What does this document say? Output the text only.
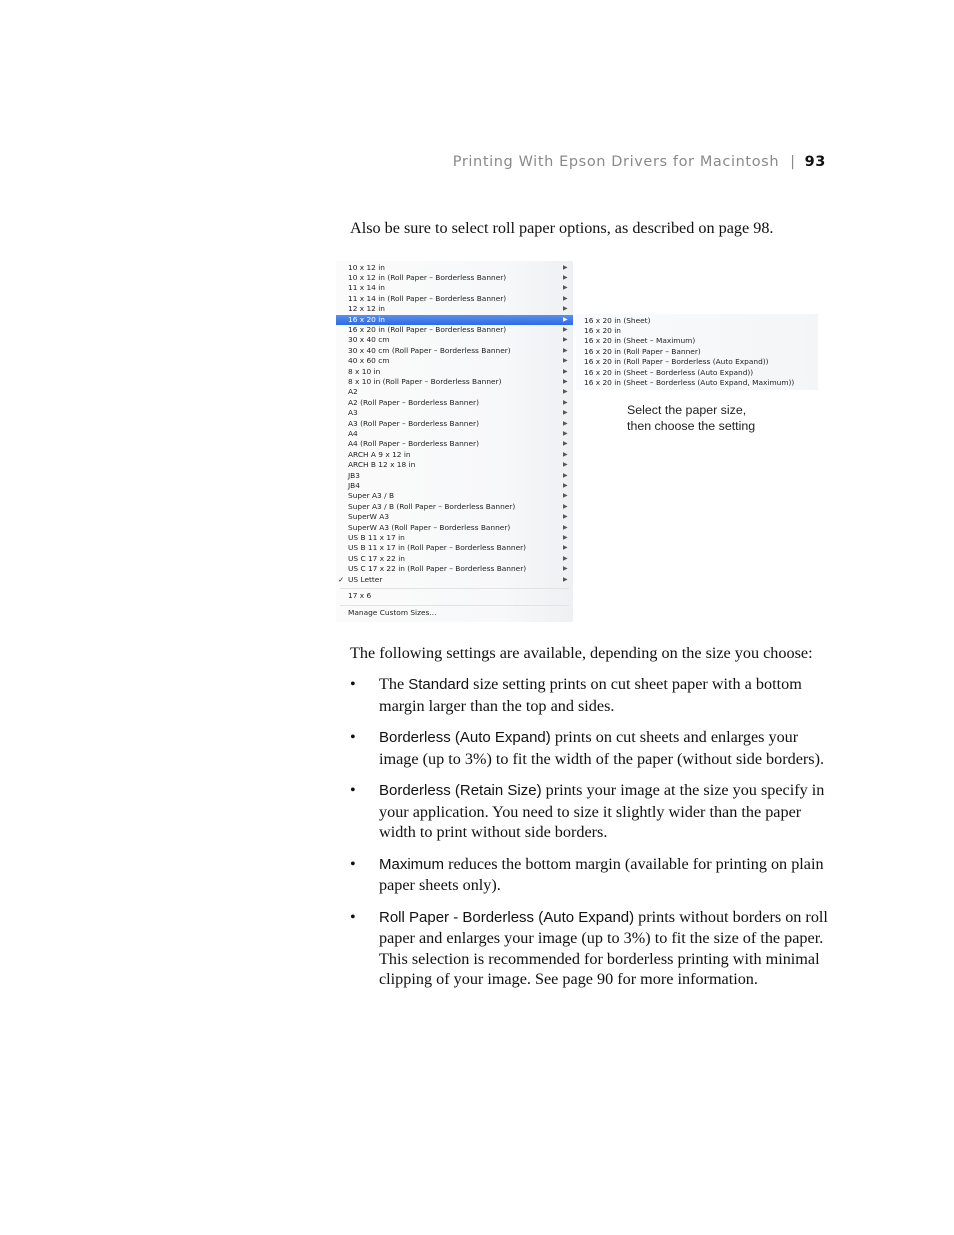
Printing With Epson Drivers for Macintosh | 93
Also be sure to select roll paper options, as described on page 98.
10 x 12 in	▶
10 x 12 in (Roll Paper – Borderless Banner)	▶
11 x 14 in	▶
11 x 14 in (Roll Paper – Borderless Banner)	▶
12 x 12 in	▶
16 x 20 in	▶
16 x 20 in (Roll Paper – Borderless Banner)	▶
30 x 40 cm	▶
30 x 40 cm (Roll Paper – Borderless Banner)	▶
40 x 60 cm	▶
8 x 10 in	▶
8 x 10 in (Roll Paper – Borderless Banner)	▶
A2	▶
A2 (Roll Paper – Borderless Banner)	▶
A3	▶
A3 (Roll Paper – Borderless Banner)	▶
A4	▶
A4 (Roll Paper – Borderless Banner)	▶
ARCH A 9 x 12 in	▶
ARCH B 12 x 18 in	▶
JB3	▶
JB4	▶
Super A3 / B	▶
Super A3 / B (Roll Paper – Borderless Banner)	▶
SuperW A3	▶
SuperW A3 (Roll Paper – Borderless Banner)	▶
US B 11 x 17 in	▶
US B 11 x 17 in (Roll Paper – Borderless Banner)	▶
US C 17 x 22 in	▶
US C 17 x 22 in (Roll Paper – Borderless Banner)	▶
✓ US Letter	▶
17 x 6
Manage Custom Sizes...
16 x 20 in (Sheet)
16 x 20 in
16 x 20 in (Sheet – Maximum)
16 x 20 in (Roll Paper – Banner)
16 x 20 in (Roll Paper – Borderless (Auto Expand))
16 x 20 in (Sheet – Borderless (Auto Expand))
16 x 20 in (Sheet – Borderless (Auto Expand, Maximum))
Select the paper size,
then choose the setting
The following settings are available, depending on the size you choose:
• The Standard size setting prints on cut sheet paper with a bottom margin larger than the top and sides.
• Borderless (Auto Expand) prints on cut sheets and enlarges your image (up to 3%) to fit the width of the paper (without side borders).
• Borderless (Retain Size) prints your image at the size you specify in your application. You need to size it slightly wider than the paper width to print without side borders.
• Maximum reduces the bottom margin (available for printing on plain paper sheets only).
• Roll Paper - Borderless (Auto Expand) prints without borders on roll paper and enlarges your image (up to 3%) to fit the size of the paper. This selection is recommended for borderless printing with minimal clipping of your image. See page 90 for more information.
